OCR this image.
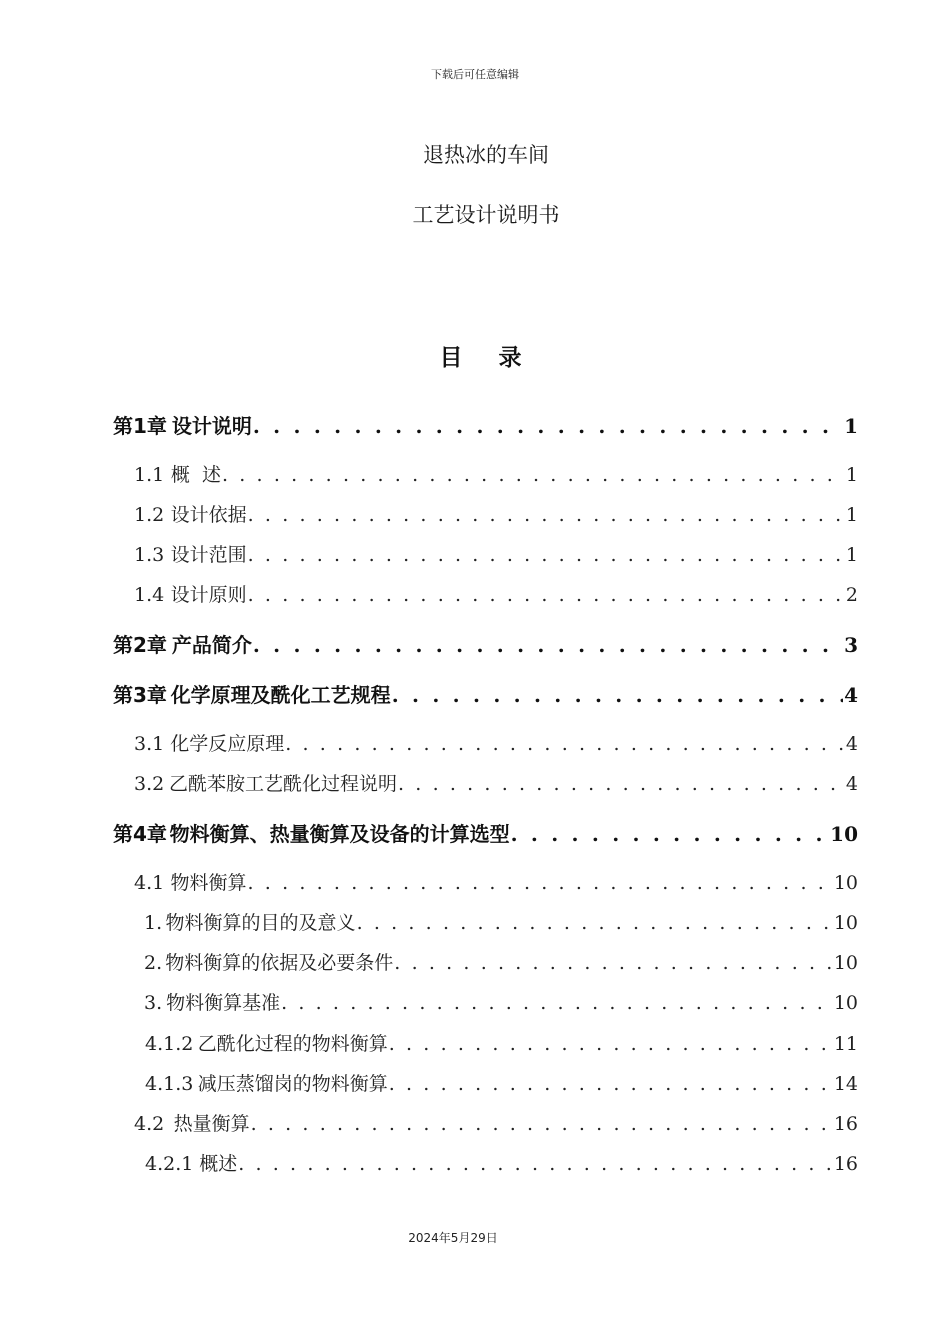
下载后可任意编辑
退热冰的车间
工艺设计说明书
目 录
第1章 设计说明 . . .	1
1.1 概  述 . . .	1
1.2 设计依据 . . .	1
1.3 设计范围 . . .	1
1.4 设计原则 . . .	2
第2章 产品简介 . . .	3
第3章 化学原理及酰化工艺规程 . . .	4
3.1 化学反应原理 . . .	4
3.2 乙酰苯胺工艺酰化过程说明 . . .	4
第4章 物料衡算、热量衡算及设备的计算选型 . . .	10
4.1 物料衡算 . . .	10
1. 物料衡算的目的及意义 . . .	10
2. 物料衡算的依据及必要条件 . . .	10
3. 物料衡算基准 . . .	10
4.1.2 乙酰化过程的物料衡算 . . .	11
4.1.3 减压蒸馏岗的物料衡算 . . .	14
4.2 热量衡算 . . .	16
4.2.1 概述 . . .	16
2024年5月29日
